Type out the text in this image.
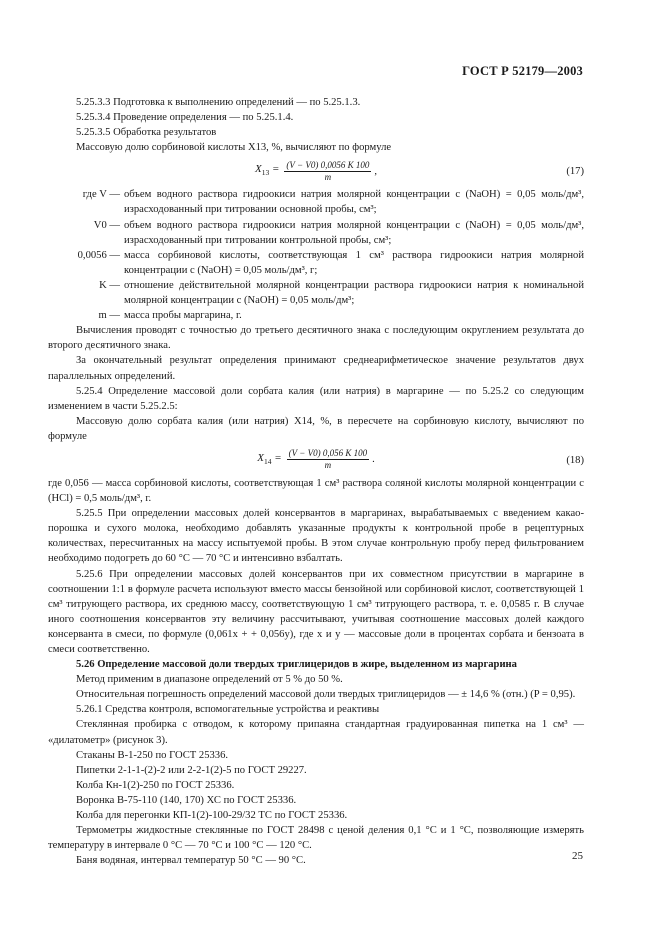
ГОСТ Р 52179—2003

5.25.3.3 Подготовка к выполнению определений — по 5.25.1.3.

5.25.3.4 Проведение определения — по 5.25.1.4.

5.25.3.5 Обработка результатов

Массовую долю сорбиновой кислоты X13, %, вычисляют по формуле

$X_{13} = \frac{(V - V0) 0,0056 K 100}{m}$ ,	(17)
где V — объем водного раствора гидроокиси натрия молярной концентрации c (NaOH) = 0,05 моль/дм³, израсходованный при титровании основной пробы, см³;
V0 — объем водного раствора гидроокиси натрия молярной концентрации c (NaOH) = 0,05 моль/дм³, израсходованный при титровании контрольной пробы, см³;
0,0056 — масса сорбиновой кислоты, соответствующая 1 см³ раствора гидроокиси натрия молярной концентрации c (NaOH) = 0,05 моль/дм³, г;
K — отношение действительной молярной концентрации раствора гидроокиси натрия к номинальной молярной концентрации c (NaOH) = 0,05 моль/дм³;
m — масса пробы маргарина, г.

Вычисления проводят с точностью до третьего десятичного знака с последующим округлением результата до второго десятичного знака.

За окончательный результат определения принимают среднеарифметическое значение результатов двух параллельных определений.

5.25.4 Определение массовой доли сорбата калия (или натрия) в маргарине — по 5.25.2 со следующим изменением в части 5.25.2.5:

Массовую долю сорбата калия (или натрия) X14, %, в пересчете на сорбиновую кислоту, вычисляют по формуле

$X_{14} = \frac{(V - V0) 0,056 K 100}{m}$ .	(18)

где 0,056 — масса сорбиновой кислоты, соответствующая 1 см³ раствора соляной кислоты молярной концентрации c (HCl) = 0,5 моль/дм³, г.

5.25.5 При определении массовых долей консервантов в маргаринах, вырабатываемых с введением какао-порошка и сухого молока, необходимо добавлять указанные продукты к контрольной пробе в рецептурных количествах, пересчитанных на массу испытуемой пробы. В этом случае контрольную пробу перед фильтрованием необходимо подогреть до 60 °С — 70 °С и интенсивно взбалтать.

5.25.6 При определении массовых долей консервантов при их совместном присутствии в маргарине в соотношении 1:1 в формуле расчета используют вместо массы бензойной или сорбиновой кислот, соответствующей 1 см³ титрующего раствора, их среднюю массу, соответствующую 1 см³ титрующего раствора, т. е. 0,0585 г. В случае иного соотношения консервантов эту величину рассчитывают, учитывая соотношение массовых долей каждого консерванта в смеси, по формуле (0,061x + + 0,056y), где x и y — массовые доли в процентах сорбата и бензоата в смеси соответственно.

5.26 Определение массовой доли твердых триглицеридов в жире, выделенном из маргарина

Метод применим в диапазоне определений от 5 % до 50 %.

Относительная погрешность определений массовой доли твердых триглицеридов — ± 14,6 % (отн.) (P = 0,95).

5.26.1 Средства контроля, вспомогательные устройства и реактивы

Стеклянная пробирка с отводом, к которому припаяна стандартная градуированная пипетка на 1 см³ — «дилатометр» (рисунок 3).

Стаканы В-1-250 по ГОСТ 25336.

Пипетки 2-1-1-(2)-2 или 2-2-1(2)-5 по ГОСТ 29227.

Колба Кн-1(2)-250 по ГОСТ 25336.

Воронка В-75-110 (140, 170) ХС по ГОСТ 25336.

Колба для перегонки КП-1(2)-100-29/32 ТС по ГОСТ 25336.

Термометры жидкостные стеклянные по ГОСТ 28498 с ценой деления 0,1 °С и 1 °С, позволяющие измерять температуру в интервале 0 °С — 70 °С и 100 °С — 120 °С.

Баня водяная, интервал температур 50 °С — 90 °С.	25
